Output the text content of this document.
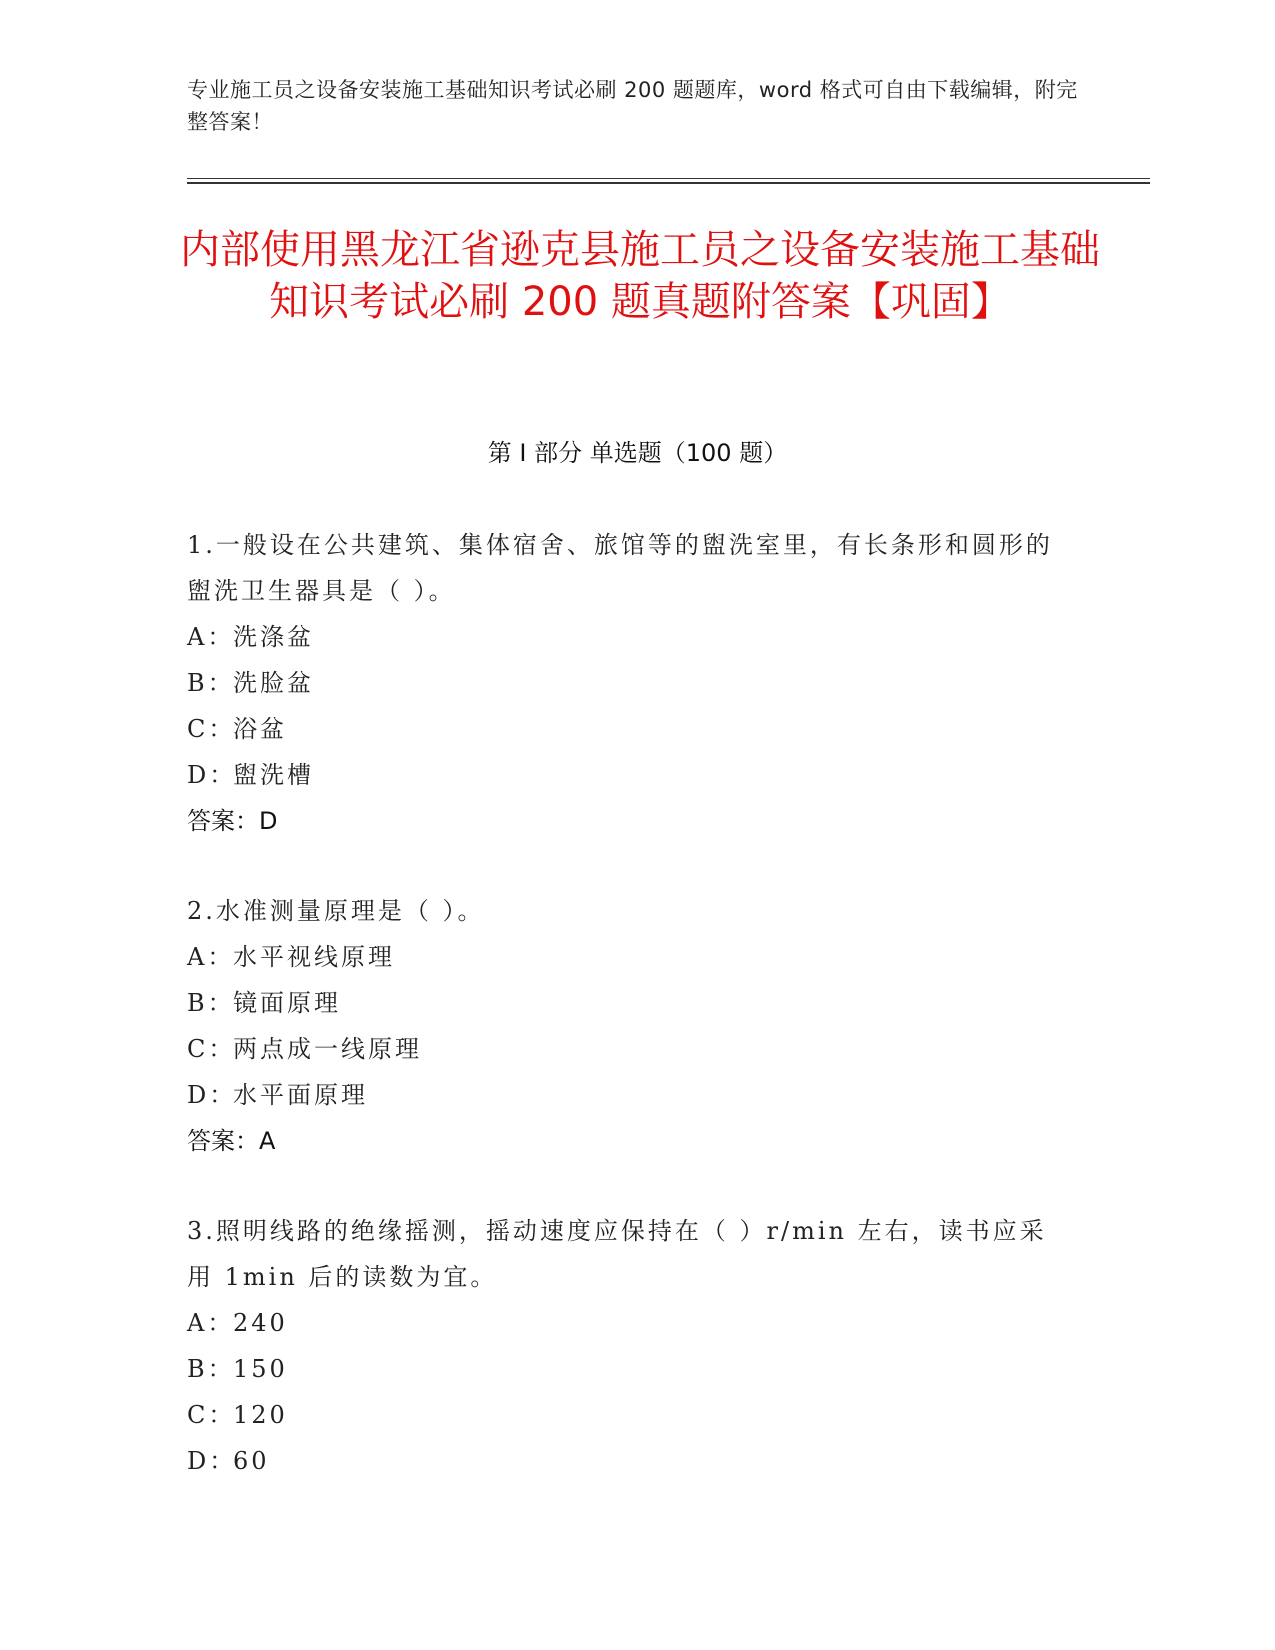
专业施工员之设备安装施工基础知识考试必刷 200 题题库，word 格式可自由下载编辑，附完整答案！
内部使用黑龙江省逊克县施工员之设备安装施工基础知识考试必刷 200 题真题附答案【巩固】
第 I 部分 单选题（100 题）
1.一般设在公共建筑、集体宿舍、旅馆等的盥洗室里，有长条形和圆形的盥洗卫生器具是（ ）。
A：洗涤盆
B：洗脸盆
C：浴盆
D：盥洗槽
答案：D
2.水准测量原理是（ ）。
A：水平视线原理
B：镜面原理
C：两点成一线原理
D：水平面原理
答案：A
3.照明线路的绝缘摇测，摇动速度应保持在（ ）r/min 左右，读书应采用 1min 后的读数为宜。
A：240
B：150
C：120
D：60
